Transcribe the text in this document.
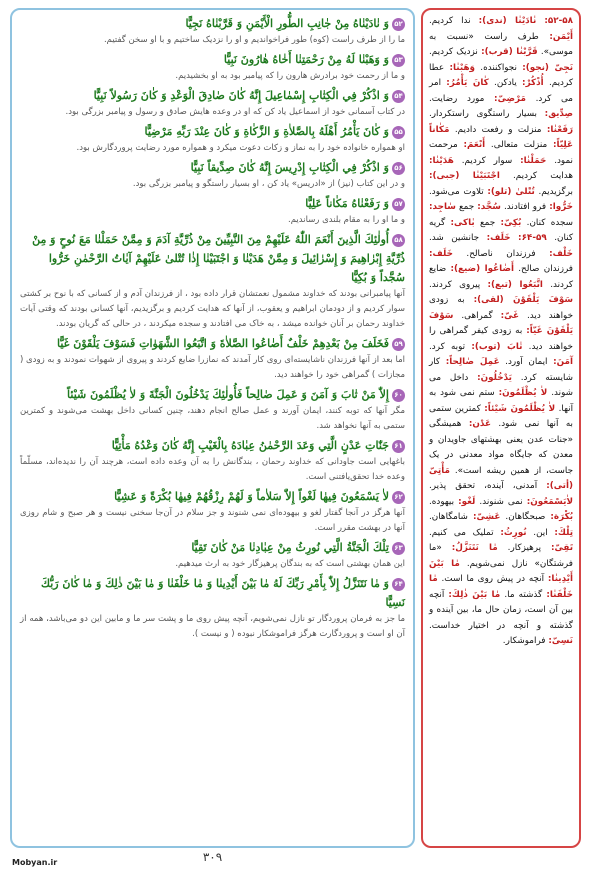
۵۲وَ نٰادَيْنٰاهُ مِنْ جٰانِبِ الطُّورِ الْأَيْمَنِ وَ قَرَّبْنٰاهُ نَجِيًّا
ما را از طرف راست (کوه) طور فراخواندیم و او را نزدیک ساختیم و با او سخن گفتیم.
۵۳وَ وَهَبْنٰا لَهُ مِنْ رَحْمَتِنٰا أَخٰاهُ هٰارُونَ نَبِيًّا
و ما از رحمت خود برادرش هارون را که پیامبر بود به او بخشیدیم.
۵۴وَ اذْكُرْ فِي الْكِتٰابِ إِسْمٰاعِيلَ إِنَّهُ كٰانَ صٰادِقَ الْوَعْدِ وَ كٰانَ رَسُولاً نَبِيًّا
در کتاب آسمانی خود از اسماعیل یاد کن که او در وعده هایش صادق و رسول و پیامبر بزرگی بود.
۵۵وَ كٰانَ يَأْمُرُ أَهْلَهُ بِالصَّلاٰةِ وَ الزَّكٰاةِ وَ كٰانَ عِنْدَ رَبِّهِ مَرْضِيًّا
او همواره خانواده خود را به نماز و زکات دعوت میکرد و همواره مورد رضایت پروردگارش بود.
۵۶وَ اذْكُرْ فِي الْكِتٰابِ إِدْرِيسَ إِنَّهُ كٰانَ صِدِّيقاً نَبِيًّا
و در این کتاب (نیز) از «ادریس» یاد کن ، او بسیار راستگو و پیامبر بزرگی بود.
۵۷وَ رَفَعْنٰاهُ مَكٰاناً عَلِيًّا
و ما او را به مقام بلندی رساندیم.
۵۸أُولٰئِكَ الَّذِينَ أَنْعَمَ اللّٰهُ عَلَيْهِمْ مِنَ النَّبِيِّينَ مِنْ ذُرِّيَّةِ آدَمَ وَ مِمَّنْ حَمَلْنٰا مَعَ نُوحٍ وَ مِنْ ذُرِّيَّةِ إِبْرٰاهِيمَ وَ إِسْرٰائِيلَ وَ مِمَّنْ هَدَيْنٰا وَ اجْتَبَيْنٰا إِذٰا تُتْلىٰ عَلَيْهِمْ آيٰاتُ الرَّحْمٰنِ خَرُّوا سُجَّداً وَ بُكِيًّا
آنها پیامبرانی بودند که خداوند مشمول نعمتشان قرار داده بود ، از فرزندان آدم و از کسانی که با نوح بر کشتی سوار کردیم و از دودمان ابراهیم و یعقوب، از آنها که هدایت کردیم و برگزیدیم، آنها کسانی بودند که وقتی آیات خداوند رحمان بر آنان خوانده میشد ، به خاک می افتادند و سجده میکردند ، در حالی که گریان بودند.
۵۹فَخَلَفَ مِنْ بَعْدِهِمْ خَلْفٌ أَضٰاعُوا الصَّلاٰةَ وَ اتَّبَعُوا الشَّهَوٰاتِ فَسَوْفَ يَلْقَوْنَ غَيًّا
اما بعد از آنها فرزندان ناشایسته‌ای روی کار آمدند که نمازرا ضایع کردند و پیروی از شهوات نمودند و به زودی ( مجازات ) گمراهی خود را خواهند دید.
۶۰إِلاّٰ مَنْ تٰابَ وَ آمَنَ وَ عَمِلَ صٰالِحاً فَأُولٰئِكَ يَدْخُلُونَ الْجَنَّةَ وَ لاٰ يُظْلَمُونَ شَيْئاً
مگر آنها که توبه کنند، ایمان آورند و عمل صالح انجام دهند، چنین کسانی داخل بهشت می‌شوند و کمترین ستمی به آنها نخواهد شد.
۶۱جَنّٰاتِ عَدْنٍ الَّتِي وَعَدَ الرَّحْمٰنُ عِبٰادَهُ بِالْغَيْبِ إِنَّهُ كٰانَ وَعْدُهُ مَأْتِيًّا
باغهایی است جاودانی که خداوند رحمان ، بندگانش را به آن وعده داده است، هرچند آن را ندیده‌اند، مسلّماً وعده خدا تحقق‌یافتنی است.
۶۲لاٰ يَسْمَعُونَ فِيهٰا لَغْواً إِلاّٰ سَلاٰماً وَ لَهُمْ رِزْقُهُمْ فِيهٰا بُكْرَةً وَ عَشِيًّا
آنها هرگز در آنجا گفتار لغو و بیهوده‌ای نمی شنوند و جز سلام در آن‌جا سخنی نیست و هر صبح و شام روزی آنها در بهشت مقرر است.
۶۳تِلْكَ الْجَنَّةُ الَّتِي نُورِثُ مِنْ عِبٰادِنٰا مَنْ كٰانَ تَقِيًّا
این همان بهشتی است که به بندگان پرهیزگار خود به ارث میدهیم.
۶۴وَ مٰا نَتَنَزَّلُ إِلاّٰ بِأَمْرِ رَبِّكَ لَهُ مٰا بَيْنَ أَيْدِينٰا وَ مٰا خَلْفَنٰا وَ مٰا بَيْنَ ذٰلِكَ وَ مٰا كٰانَ رَبُّكَ نَسِيًّا
ما جز به فرمان پروردگار تو نازل نمی‌شویم، آنچه پیش روی ما و پشت سر ما و مابین این دو می‌باشد، همه از آن او است و پروردگارت هرگز فراموشکار نبوده ( و نیست ).
۵۲-۵۸: نٰادَیْنٰا (ندی): ندا کردیم. أَیْمَن: طرف راست «نسبت به موسی». قَرَّبْنٰا (قرب): نزدیک کردیم. نَجِیّ (نجو): نجواکننده. وَهَبْنٰا: عطا کردیم. أُذْكُرْ: یادکن. كٰانَ یَأْمُرُ: امر می کرد. مَرْضِیّ: مورد رضایت. صِدِّیق: بسیار راستگوی راستکردار. رَفَعْنٰا: منزلت و رفعت دادیم. مَكٰاناً عَلِیّاً: منزلت متعالی. أَنْعَمَ: مرحمت نمود. حَمَلْنٰا: سوار کردیم. هَدَیْنٰا: هدایت کردیم. اجْتَبَیْنٰا (جبی): برگزیدیم. تُتْلىٰ (تلو): تلاوت می‌شود. خَرُّوا: فرو افتادند. سُجَّد: جمع سٰاجِد: سجده کنان. بُكِیّ: جمع بٰاكى: گریه کنان. ۵۹-۶۴: خَلَف: جانشین شد. خَلْف: فرزندان ناصالح. خَلَف: فرزندان صالح. أَضٰاعُوا (ضیع): ضایع کردند. اتَّبَعُوا (تبع): پیروی کردند. سَوْفَ یَلْقَوْنَ (لقی): به زودی خواهند دید. غَیّ: گمراهی. سَوْفَ یَلْقَوْنَ غَیّاً: به زودی کیفر گمراهی را خواهند دید. تٰابَ (توب): توبه کرد. آمَنَ: ایمان آورد. عَمِلَ صٰالِحاً: کار شایسته کرد. یَدْخُلُونَ: داخل می شوند. لاٰ یُظْلَمُونَ: ستم نمی شود به آنها. لاٰ یُظْلَمُونَ شَیْئاً: کمترین ستمی به آنها نمی شود. عَدْن: همیشگی «جنات عدن یعنی بهشتهای جاویدان و معدن که جایگاه مواد معدنی در یک جاست، از همین ریشه است». مَأْتِیّ (أتی): آمدنی، آینده، تحقق پذیر. لاٰیَسْمَعُونَ: نمی شنوند. لَغْو: بیهوده. بُكْرَة: صبحگاهان. عَشِیّ: شامگاهان. تِلْكَ: این. نُورِثُ: تملیک می کنیم. تَقِیّ: پرهیزکار. مٰا نَتَنَزَّلُ: «ما فرشتگان» نازل نمی‌شویم. مٰا بَیْنَ أَیْدِینٰا: آنچه در پیش روی ما است. مٰا خَلْفَنٰا: گذشته ما. مٰا بَیْنَ ذٰلِكَ: آنچه بین آن است، زمان حال ما، بین آینده و گذشته و آنچه در اختیار خداست. نَسِیّ: فراموشکار.
۳۰۹
Mobyan.ir
